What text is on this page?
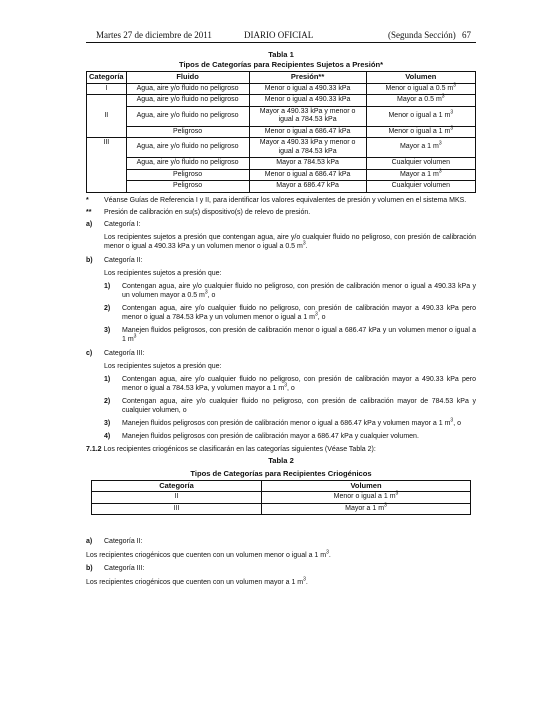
Martes 27 de diciembre de 2011	DIARIO OFICIAL	(Segunda Sección) 67
Tabla 1
Tipos de Categorías para Recipientes Sujetos a Presión*
Categoría	Fluido	Presión**	Volumen
I	Agua, aire y/o fluido no peligroso	Menor o igual a 490.33 kPa	Menor o igual a 0.5 $m^3$
II	Agua, aire y/o fluido no peligroso	Menor o igual a 490.33 kPa	Mayor a 0.5 $m^3$
	Agua, aire y/o fluido no peligroso	Mayor a 490.33 kPa y menor o igual a 784.53 kPa	Menor o igual a 1 $m^3$
	Peligroso	Menor o igual a 686.47 kPa	Menor o igual a 1 $m^3$
III	Agua, aire y/o fluido no peligroso	Mayor a 490.33 kPa y menor o igual a 784.53 kPa	Mayor a 1 $m^3$
	Agua, aire y/o fluido no peligroso	Mayor a 784.53 kPa	Cualquier volumen
	Peligroso	Menor o igual a 686.47 kPa	Mayor a 1 $m^3$
	Peligroso	Mayor a 686.47 kPa	Cualquier volumen
* Véanse Guías de Referencia I y II, para identificar los valores equivalentes de presión y volumen en el sistema MKS.
** Presión de calibración en su(s) dispositivo(s) de relevo de presión.
a) Categoría I:
Los recipientes sujetos a presión que contengan agua, aire y/o cualquier fluido no peligroso, con presión de calibración menor o igual a 490.33 kPa y un volumen menor o igual a 0.5 $m^3$.
b) Categoría II:
Los recipientes sujetos a presión que:
1) Contengan agua, aire y/o cualquier fluido no peligroso, con presión de calibración menor o igual a 490.33 kPa y un volumen mayor a 0.5 $m^3$, o
2) Contengan agua, aire y/o cualquier fluido no peligroso, con presión de calibración mayor a 490.33 kPa pero menor o igual a 784.53 kPa y un volumen menor o igual a 1 $m^3$, o
3) Manejen fluidos peligrosos, con presión de calibración menor o igual a 686.47 kPa y un volumen menor o igual a 1 $m^3$
c) Categoría III:
Los recipientes sujetos a presión que:
1) Contengan agua, aire y/o cualquier fluido no peligroso, con presión de calibración mayor a 490.33 kPa pero menor o igual a 784.53 kPa, y volumen mayor a 1 $m^3$, o
2) Contengan agua, aire y/o cualquier fluido no peligroso, con presión de calibración mayor de 784.53 kPa y cualquier volumen, o
3) Manejen fluidos peligrosos con presión de calibración menor o igual a 686.47 kPa y volumen mayor a 1 $m^3$, o
4) Manejen fluidos peligrosos con presión de calibración mayor a 686.47 kPa y cualquier volumen.
7.1.2 Los recipientes criogénicos se clasificarán en las categorías siguientes (Véase Tabla 2):
Tabla 2
Tipos de Categorías para Recipientes Criogénicos
Categoría	Volumen
II	Menor o igual a 1 $m^3$
III	Mayor a 1 $m^3$
a) Categoría II:
Los recipientes criogénicos que cuenten con un volumen menor o igual a 1 $m^3$.
b) Categoría III:
Los recipientes criogénicos que cuenten con un volumen mayor a 1 $m^3$.
